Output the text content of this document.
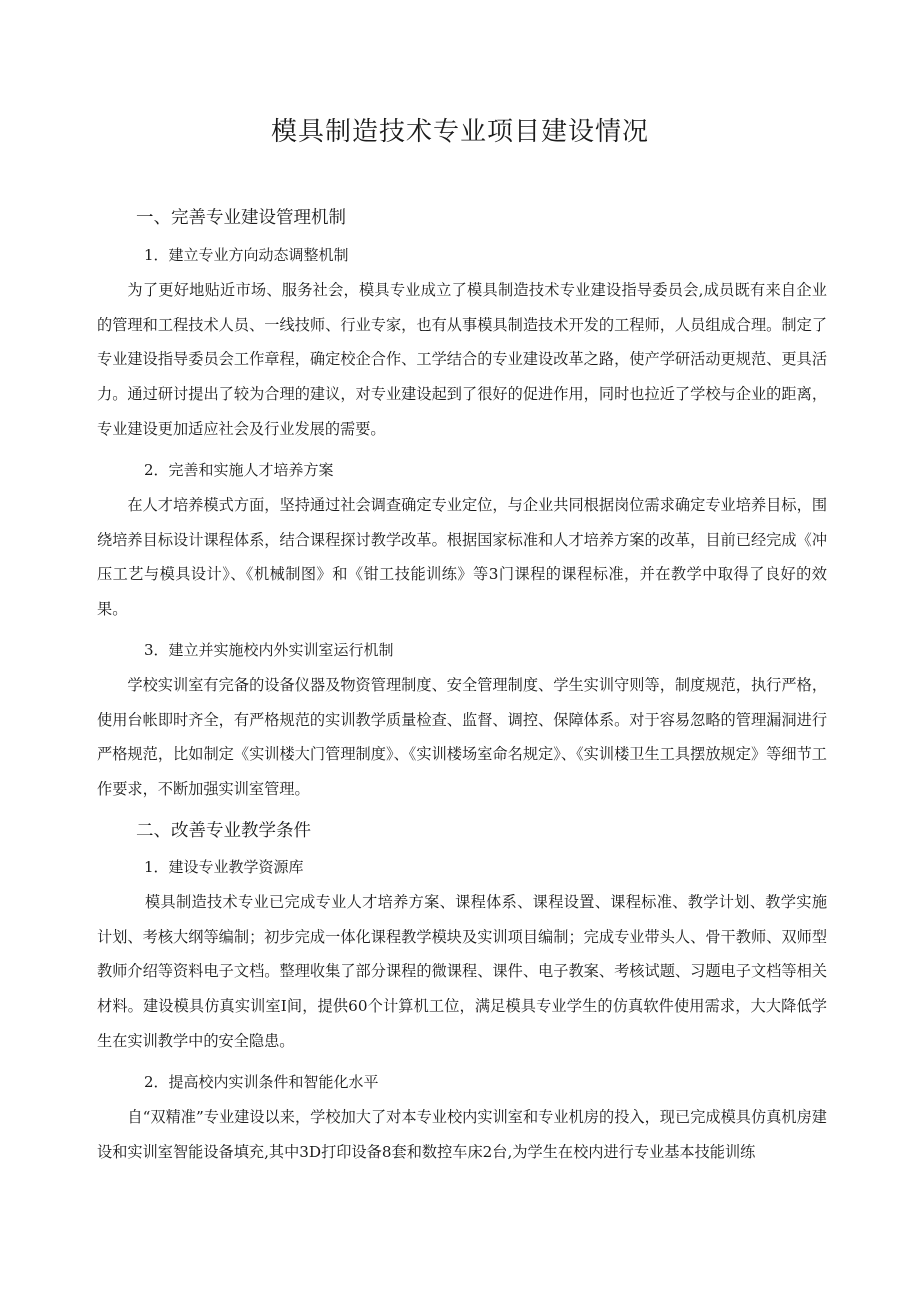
模具制造技术专业项目建设情况
一、完善专业建设管理机制
1．建立专业方向动态调整机制
为了更好地贴近市场、服务社会，模具专业成立了模具制造技术专业建设指导委员会,成员既有来自企业的管理和工程技术人员、一线技师、行业专家，也有从事模具制造技术开发的工程师，人员组成合理。制定了专业建设指导委员会工作章程，确定校企合作、工学结合的专业建设改革之路，使产学研活动更规范、更具活力。通过研讨提出了较为合理的建议，对专业建设起到了很好的促进作用，同时也拉近了学校与企业的距离，专业建设更加适应社会及行业发展的需要。
2．完善和实施人才培养方案
在人才培养模式方面，坚持通过社会调查确定专业定位，与企业共同根据岗位需求确定专业培养目标，围绕培养目标设计课程体系，结合课程探讨教学改革。根据国家标准和人才培养方案的改革，目前已经完成《冲压工艺与模具设计》、《机械制图》和《钳工技能训练》等3门课程的课程标准，并在教学中取得了良好的效果。
3．建立并实施校内外实训室运行机制
学校实训室有完备的设备仪器及物资管理制度、安全管理制度、学生实训守则等，制度规范，执行严格，使用台帐即时齐全，有严格规范的实训教学质量检查、监督、调控、保障体系。对于容易忽略的管理漏洞进行严格规范，比如制定《实训楼大门管理制度》、《实训楼场室命名规定》、《实训楼卫生工具摆放规定》等细节工作要求，不断加强实训室管理。
二、改善专业教学条件
1．建设专业教学资源库
模具制造技术专业已完成专业人才培养方案、课程体系、课程设置、课程标准、教学计划、教学实施计划、考核大纲等编制；初步完成一体化课程教学模块及实训项目编制；完成专业带头人、骨干教师、双师型教师介绍等资料电子文档。整理收集了部分课程的微课程、课件、电子教案、考核试题、习题电子文档等相关材料。建设模具仿真实训室Ⅰ间，提供60个计算机工位，满足模具专业学生的仿真软件使用需求，大大降低学生在实训教学中的安全隐患。
2．提高校内实训条件和智能化水平
自“双精准”专业建设以来，学校加大了对本专业校内实训室和专业机房的投入，现已完成模具仿真机房建设和实训室智能设备填充,其中3D打印设备8套和数控车床2台,为学生在校内进行专业基本技能训练
